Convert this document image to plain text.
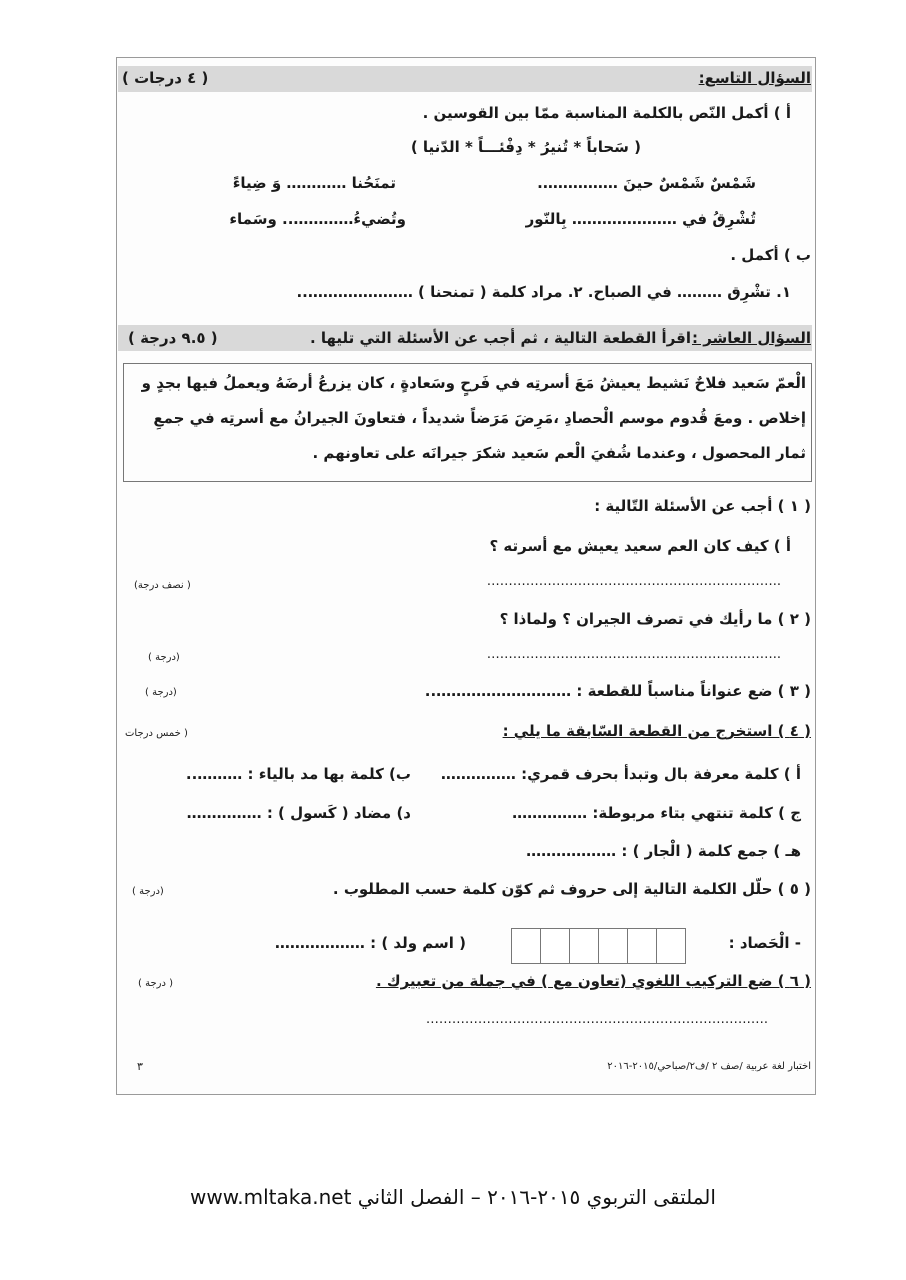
السؤال التاسع:
( ٤ درجات )
أ ) أكمل النّص بالكلمة المناسبة ممّا بين القوسين .
( سَحاباً * تُنيرُ * دِفْئـــاً * الدّنيا )
شَمْسٌ شَمْسٌ حينَ …………….
تمنَحُنا ………… وَ ضِياءً
تُشْرِقُ في ………………… بِالنّور
وتُضيءُ………….. وسَماء
ب ) أكمل .
١. تشْرِق ……… في الصباح. ٢. مراد كلمة ( تمنحنا ) …………………..
السؤال العاشر :
اقرأ القطعة التالية ، ثم أجب عن الأسئلة التي تليها .
( ٩.٥ درجة )
الْعمّ سَعيد فلاحٌ نَشيط يعيشُ مَعَ أسرتِه في فَرحٍ وسَعادةٍ ، كان يزرعُ أرضَهُ ويعملُ فيها بجدٍ و
إخلاص . ومعَ قُدوم موسم الْحصادِ ،مَرِضَ مَرَضاً شديداً ، فتعاونَ الجيرانُ مع أسرتِه في جمعِ
ثمار المحصول ، وعندما شُفيَ الْعم سَعيد شكرَ جيرانَه على تعاونهم .
( ١ ) أجب عن الأسئلة التّالية :
أ ) كيف كان العم سعيد يعيش مع أسرته ؟
…………………………………………………………..
( نصف درجة)
( ٢ ) ما رأيك في تصرف الجيران ؟ ولماذا ؟
…………………………………………………………..
(درجة )
( ٣ ) ضع عنواناً مناسباً للقطعة : ………………………..
(درجة )
( ٤ ) استخرج من القطعة السّابقة ما يلي :
( خمس درجات
أ ) كلمة معرفة بال وتبدأ بحرف قمري: ……………
ب) كلمة بها مد بالياء : ………..
ج ) كلمة تنتهي بتاء مربوطة: ……………
د) مضاد ( كَسول ) : ……………
هـ ) جمع كلمة ( الْجار ) : ………………
( ٥ ) حلّل الكلمة التالية إلى حروف ثم كوّن كلمة حسب المطلوب .
(درجة )
- الْحَصاد :
( اسم ولد ) : ………………
( ٦ ) ضع التركيب اللغوي (تعاون مع ) في جملة من تعبيرك .
( درجة )
…………………………………………………………………….
اختبار لغة عربية /صف ٢ /ف٢/صباحي/٢٠١٥-٢٠١٦
٣
الملتقى التربوي ٢٠١٥-٢٠١٦ – الفصل الثاني www.mltaka.net
